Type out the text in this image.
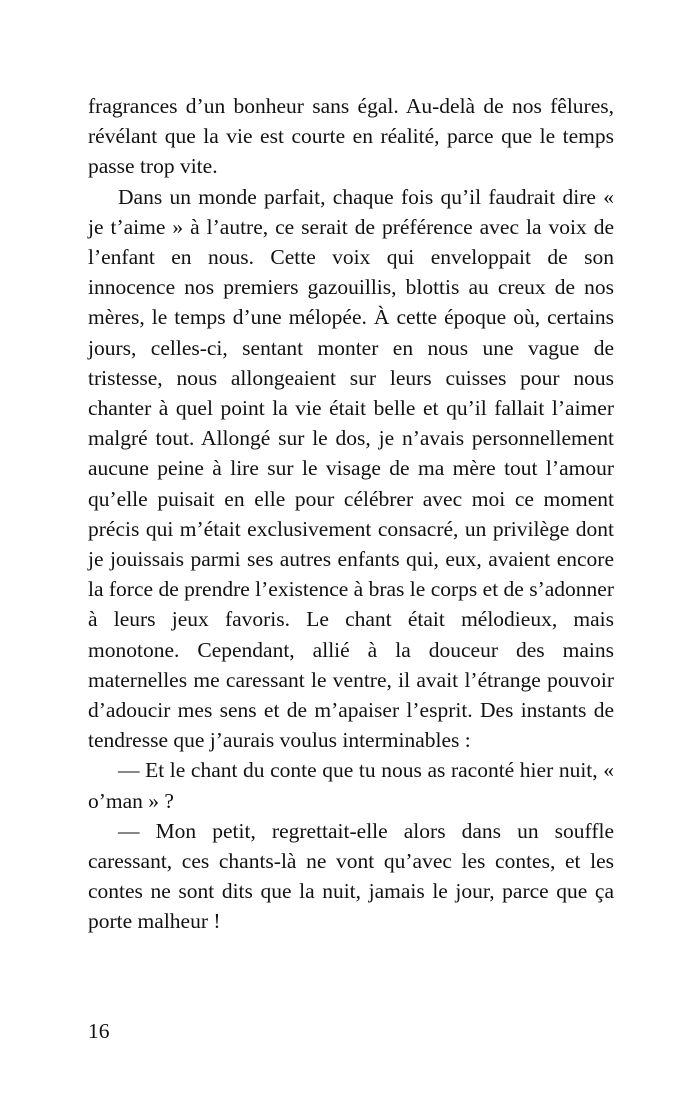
fragrances d’un bonheur sans égal. Au-delà de nos fêlures, révélant que la vie est courte en réalité, parce que le temps passe trop vite.

Dans un monde parfait, chaque fois qu’il faudrait dire « je t’aime » à l’autre, ce serait de préférence avec la voix de l’enfant en nous. Cette voix qui enveloppait de son innocence nos premiers gazouillis, blottis au creux de nos mères, le temps d’une mélopée. À cette époque où, certains jours, celles-ci, sentant monter en nous une vague de tristesse, nous allongeaient sur leurs cuisses pour nous chanter à quel point la vie était belle et qu’il fallait l’aimer malgré tout. Allongé sur le dos, je n’avais personnellement aucune peine à lire sur le visage de ma mère tout l’amour qu’elle puisait en elle pour célébrer avec moi ce moment précis qui m’était exclusivement consacré, un privilège dont je jouissais parmi ses autres enfants qui, eux, avaient encore la force de prendre l’existence à bras le corps et de s’adonner à leurs jeux favoris. Le chant était mélodieux, mais monotone. Cependant, allié à la douceur des mains maternelles me caressant le ventre, il avait l’étrange pouvoir d’adoucir mes sens et de m’apaiser l’esprit. Des instants de tendresse que j’aurais voulus interminables :

— Et le chant du conte que tu nous as raconté hier nuit, « o’man » ?

— Mon petit, regrettait-elle alors dans un souffle caressant, ces chants-là ne vont qu’avec les contes, et les contes ne sont dits que la nuit, jamais le jour, parce que ça porte malheur !

16
